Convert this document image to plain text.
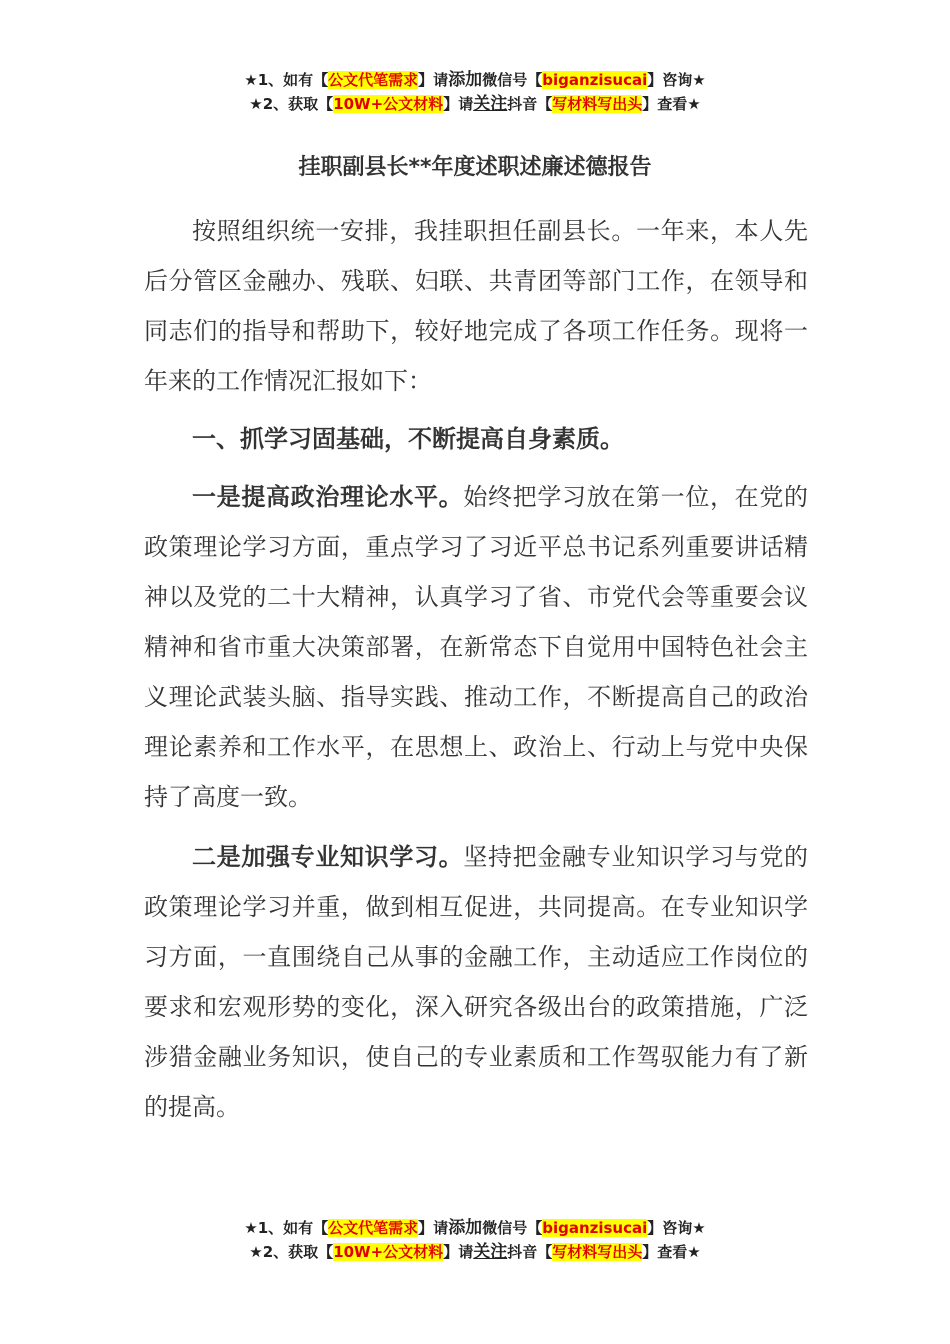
★1、如有【公文代笔需求】请添加微信号【biganzisucai】咨询★
★2、获取【10W+公文材料】请关注抖音【写材料写出头】查看★
挂职副县长**年度述职述廉述德报告

按照组织统一安排，我挂职担任副县长。一年来，本人先后分管区金融办、残联、妇联、共青团等部门工作，在领导和同志们的指导和帮助下，较好地完成了各项工作任务。现将一年来的工作情况汇报如下：

一、抓学习固基础，不断提高自身素质。

一是提高政治理论水平。始终把学习放在第一位，在党的政策理论学习方面，重点学习了习近平总书记系列重要讲话精神以及党的二十大精神，认真学习了省、市党代会等重要会议精神和省市重大决策部署，在新常态下自觉用中国特色社会主义理论武装头脑、指导实践、推动工作，不断提高自己的政治理论素养和工作水平，在思想上、政治上、行动上与党中央保持了高度一致。

二是加强专业知识学习。坚持把金融专业知识学习与党的政策理论学习并重，做到相互促进，共同提高。在专业知识学习方面，一直围绕自己从事的金融工作，主动适应工作岗位的要求和宏观形势的变化，深入研究各级出台的政策措施，广泛涉猎金融业务知识，使自己的专业素质和工作驾驭能力有了新的提高。

★1、如有【公文代笔需求】请添加微信号【biganzisucai】咨询★
★2、获取【10W+公文材料】请关注抖音【写材料写出头】查看★
